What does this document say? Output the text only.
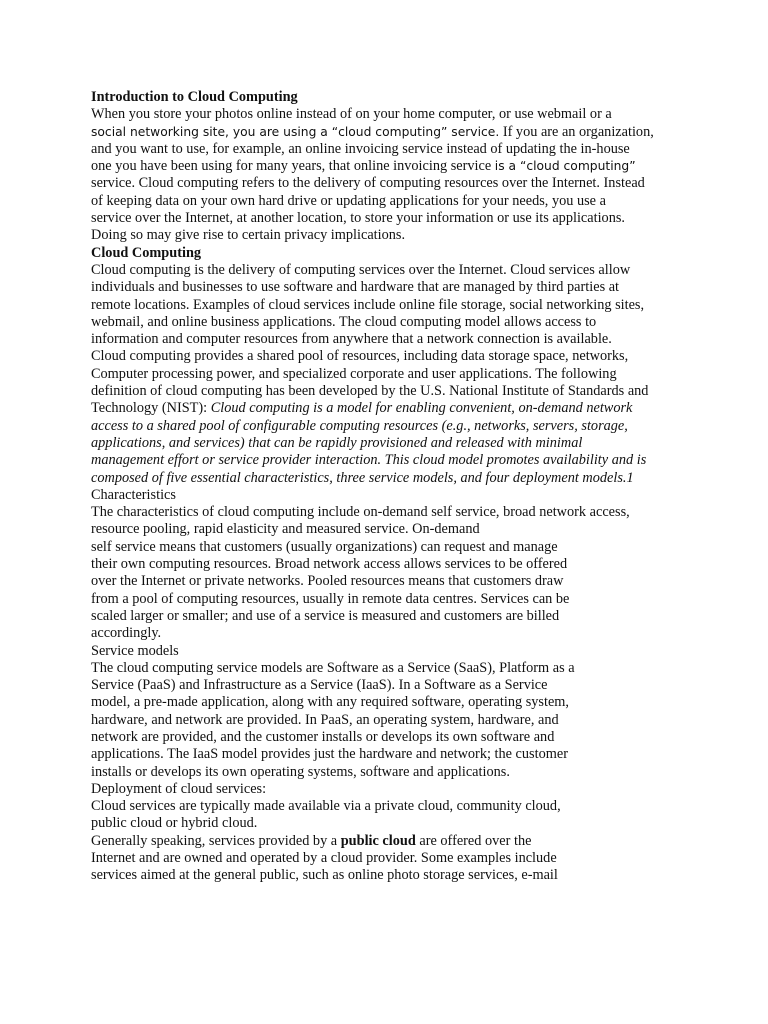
Introduction to Cloud Computing
When you store your photos online instead of on your home computer, or use webmail or a
social networking site, you are using a “cloud computing” service. If you are an organization,
and you want to use, for example, an online invoicing service instead of updating the in-house
one you have been using for many years, that online invoicing service is a “cloud computing”
service. Cloud computing refers to the delivery of computing resources over the Internet. Instead
of keeping data on your own hard drive or updating applications for your needs, you use a
service over the Internet, at another location, to store your information or use its applications.
Doing so may give rise to certain privacy implications.
Cloud Computing
Cloud computing is the delivery of computing services over the Internet. Cloud services allow
individuals and businesses to use software and hardware that are managed by third parties at
remote locations. Examples of cloud services include online file storage, social networking sites,
webmail, and online business applications. The cloud computing model allows access to
information and computer resources from anywhere that a network connection is available.
Cloud computing provides a shared pool of resources, including data storage space, networks,
Computer processing power, and specialized corporate and user applications. The following
definition of cloud computing has been developed by the U.S. National Institute of Standards and
Technology (NIST): Cloud computing is a model for enabling convenient, on-demand network
access to a shared pool of configurable computing resources (e.g., networks, servers, storage,
applications, and services) that can be rapidly provisioned and released with minimal
management effort or service provider interaction. This cloud model promotes availability and is
composed of five essential characteristics, three service models, and four deployment models.1
Characteristics
The characteristics of cloud computing include on-demand self service, broad network access,
resource pooling, rapid elasticity and measured service. On-demand
self service means that customers (usually organizations) can request and manage
their own computing resources. Broad network access allows services to be offered
over the Internet or private networks. Pooled resources means that customers draw
from a pool of computing resources, usually in remote data centres. Services can be
scaled larger or smaller; and use of a service is measured and customers are billed
accordingly.
Service models
The cloud computing service models are Software as a Service (SaaS), Platform as a
Service (PaaS) and Infrastructure as a Service (IaaS). In a Software as a Service
model, a pre-made application, along with any required software, operating system,
hardware, and network are provided. In PaaS, an operating system, hardware, and
network are provided, and the customer installs or develops its own software and
applications. The IaaS model provides just the hardware and network; the customer
installs or develops its own operating systems, software and applications.
Deployment of cloud services:
Cloud services are typically made available via a private cloud, community cloud,
public cloud or hybrid cloud.
Generally speaking, services provided by a public cloud are offered over the
Internet and are owned and operated by a cloud provider. Some examples include
services aimed at the general public, such as online photo storage services, e-mail
